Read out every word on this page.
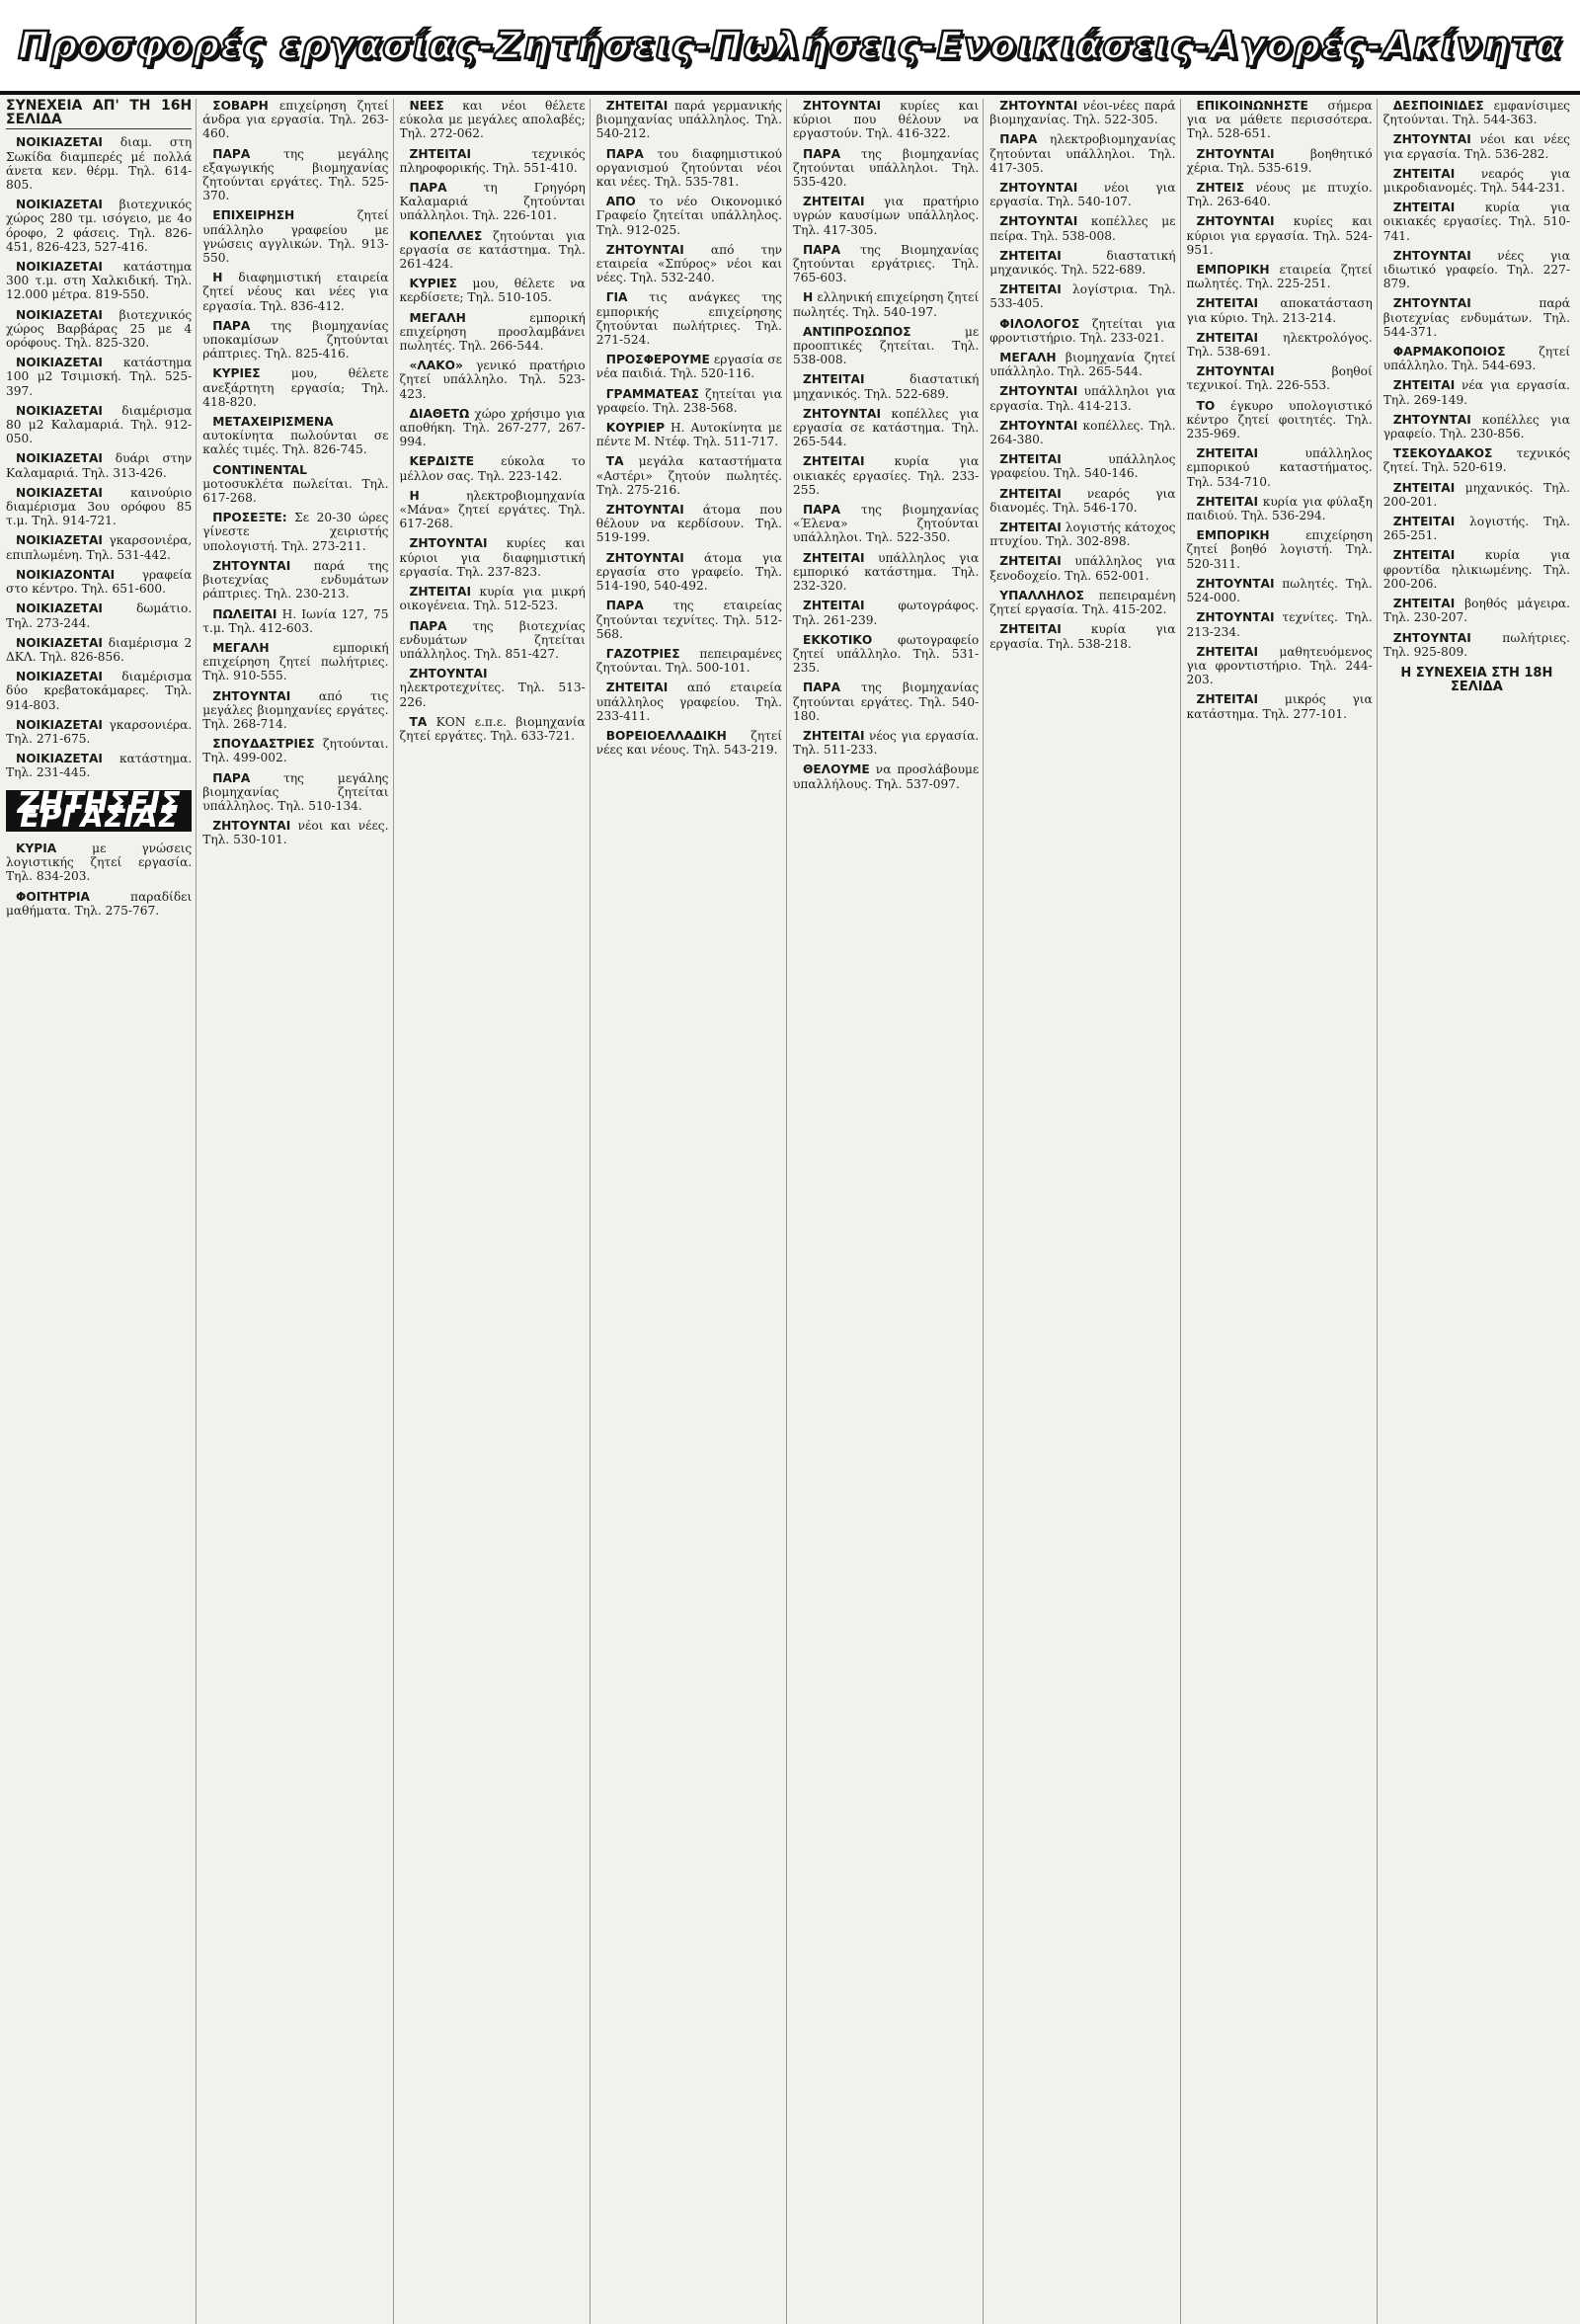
Προσφορές εργασίας-Ζητήσεις-Πωλήσεις-Ενοικιάσεις-Αγορές-Ακίνητα
ΣΥΝΕΧΕΙΑ ΑΠ' ΤΗ 16Η ΣΕΛΙΔΑ

ΝΟΙΚΙΑΖΕΤΑΙ διαμ. στη Σωκίδα διαμπερές μέ πολλά άνετα κεν. θέρμ. Τηλ. 614-805.

ΝΟΙΚΙΑΖΕΤΑΙ βιοτεχνικός χώρος 280 τμ. ισόγειο, με 4ο όροφο, 2 φάσεις. Τηλ. 826-451, 826-423, 527-416.

ΝΟΙΚΙΑΖΕΤΑΙ κατάστημα 300 τ.μ. στη Χαλκιδική. Τηλ. 12.000 μέτρα. 819-550.

ΝΟΙΚΙΑΖΕΤΑΙ βιοτεχνικός χώρος Βαρβάρας 25 με 4 ορόφους. Τηλ. 825-320.

ΝΟΙΚΙΑΖΕΤΑΙ κατάστημα 100 μ2 Τσιμισκή. Τηλ. 525-397.

ΝΟΙΚΙΑΖΕΤΑΙ διαμέρισμα 80 μ2 Καλαμαριά. Τηλ. 912-050.

ΝΟΙΚΙΑΖΕΤΑΙ δυάρι στην Καλαμαριά. Τηλ. 313-426.

ΝΟΙΚΙΑΖΕΤΑΙ καινούριο διαμέρισμα 3ου ορόφου 85 τ.μ. Τηλ. 914-721.

ΝΟΙΚΙΑΖΕΤΑΙ γκαρσονιέρα, επιπλωμένη. Τηλ. 531-442.

ΝΟΙΚΙΑΖΟΝΤΑΙ γραφεία στο κέντρο. Τηλ. 651-600.

ΝΟΙΚΙΑΖΕΤΑΙ δωμάτιο. Τηλ. 273-244.

ΝΟΙΚΙΑΖΕΤΑΙ διαμέρισμα 2 ΔΚΛ. Τηλ. 826-856.

ΝΟΙΚΙΑΖΕΤΑΙ διαμέρισμα δύο κρεβατοκάμαρες. Τηλ. 914-803.

ΝΟΙΚΙΑΖΕΤΑΙ γκαρσονιέρα. Τηλ. 271-675.

ΝΟΙΚΙΑΖΕΤΑΙ κατάστημα. Τηλ. 231-445.

ΖΗΤΗΣΕΙΣ ΕΡΓΑΣΙΑΣ

ΚΥΡΙΑ με γνώσεις λογιστικής ζητεί εργασία. Τηλ. 834-203.

ΦΟΙΤΗΤΡΙΑ παραδίδει μαθήματα. Τηλ. 275-767.

ΣΟΒΑΡΗ επιχείρηση ζητεί άνδρα για εργασία. Τηλ. 263-460.

ΠΑΡΑ της μεγάλης εξαγωγικής βιομηχανίας ζητούνται εργάτες. Τηλ. 525-370.

ΕΠΙΧΕΙΡΗΣΗ ζητεί υπάλληλο γραφείου με γνώσεις αγγλικών. Τηλ. 913-550.

Η διαφημιστική εταιρεία ζητεί νέους και νέες για εργασία. Τηλ. 836-412.

ΠΑΡΑ της βιομηχανίας υποκαμίσων ζητούνται ράπτριες. Τηλ. 825-416.

ΚΥΡΙΕΣ μου, θέλετε ανεξάρτητη εργασία; Τηλ. 418-820.

ΜΕΤΑΧΕΙΡΙΣΜΕΝΑ αυτοκίνητα πωλούνται σε καλές τιμές. Τηλ. 826-745.

CONTINENTAL μοτοσυκλέτα πωλείται. Τηλ. 617-268.

ΠΡΟΣΕΞΤΕ: Σε 20-30 ώρες γίνεστε χειριστής υπολογιστή. Τηλ. 273-211.

ΖΗΤΟΥΝΤΑΙ παρά της βιοτεχνίας ενδυμάτων ράπτριες. Τηλ. 230-213.

ΠΩΛΕΙΤΑΙ Η. Ιωνία 127, 75 τ.μ. Τηλ. 412-603.

ΜΕΓΑΛΗ εμπορική επιχείρηση ζητεί πωλήτριες. Τηλ. 910-555.

ΖΗΤΟΥΝΤΑΙ από τις μεγάλες βιομηχανίες εργάτες. Τηλ. 268-714.

ΣΠΟΥΔΑΣΤΡΙΕΣ ζητούνται. Τηλ. 499-002.

ΠΑΡΑ της μεγάλης βιομηχανίας ζητείται υπάλληλος. Τηλ. 510-134.

ΖΗΤΟΥΝΤΑΙ νέοι και νέες. Τηλ. 530-101.

ΝΕΕΣ και νέοι θέλετε εύκολα με μεγάλες απολαβές; Τηλ. 272-062.

ΖΗΤΕΙΤΑΙ τεχνικός πληροφορικής. Τηλ. 551-410.

ΠΑΡΑ τη Γρηγόρη Καλαμαριά ζητούνται υπάλληλοι. Τηλ. 226-101.

ΚΟΠΕΛΛΕΣ ζητούνται για εργασία σε κατάστημα. Τηλ. 261-424.

ΚΥΡΙΕΣ μου, θέλετε να κερδίσετε; Τηλ. 510-105.

ΜΕΓΑΛΗ εμπορική επιχείρηση προσλαμβάνει πωλητές. Τηλ. 266-544.

«ΛΑΚΟ» γενικό πρατήριο ζητεί υπάλληλο. Τηλ. 523-423.

ΔΙΑΘΕΤΩ χώρο χρήσιμο για αποθήκη. Τηλ. 267-277, 267-994.

ΚΕΡΔΙΣΤΕ εύκολα το μέλλον σας. Τηλ. 223-142.

Η ηλεκτροβιομηχανία «Μάνα» ζητεί εργάτες. Τηλ. 617-268.

ΖΗΤΟΥΝΤΑΙ κυρίες και κύριοι για διαφημιστική εργασία. Τηλ. 237-823.

ΖΗΤΕΙΤΑΙ κυρία για μικρή οικογένεια. Τηλ. 512-523.

ΠΑΡΑ της βιοτεχνίας ενδυμάτων ζητείται υπάλληλος. Τηλ. 851-427.

ΖΗΤΟΥΝΤΑΙ ηλεκτροτεχνίτες. Τηλ. 513-226.

ΤΑ ΚΟΝ ε.π.ε. βιομηχανία ζητεί εργάτες. Τηλ. 633-721.

ΖΗΤΕΙΤΑΙ παρά γερμανικής βιομηχανίας υπάλληλος. Τηλ. 540-212.

ΠΑΡΑ του διαφημιστικού οργανισμού ζητούνται νέοι και νέες. Τηλ. 535-781.

ΑΠΟ το νέο Οικονομικό Γραφείο ζητείται υπάλληλος. Τηλ. 912-025.

ΖΗΤΟΥΝΤΑΙ από την εταιρεία «Σπύρος» νέοι και νέες. Τηλ. 532-240.

ΓΙΑ τις ανάγκες της εμπορικής επιχείρησης ζητούνται πωλήτριες. Τηλ. 271-524.

ΠΡΟΣΦΕΡΟΥΜΕ εργασία σε νέα παιδιά. Τηλ. 520-116.

ΓΡΑΜΜΑΤΕΑΣ ζητείται για γραφείο. Τηλ. 238-568.

ΚΟΥΡΙΕΡ Η. Αυτοκίνητα με πέντε Μ. Ντέφ. Τηλ. 511-717.

ΤΑ μεγάλα καταστήματα «Αστέρι» ζητούν πωλητές. Τηλ. 275-216.

ΖΗΤΟΥΝΤΑΙ άτομα που θέλουν να κερδίσουν. Τηλ. 519-199.

ΖΗΤΟΥΝΤΑΙ άτομα για εργασία στο γραφείο. Τηλ. 514-190, 540-492.

ΠΑΡΑ της εταιρείας ζητούνται τεχνίτες. Τηλ. 512-568.

ΓΑΖΟΤΡΙΕΣ πεπειραμένες ζητούνται. Τηλ. 500-101.

ΖΗΤΕΙΤΑΙ από εταιρεία υπάλληλος γραφείου. Τηλ. 233-411.

ΒΟΡΕΙΟΕΛΛΑΔΙΚΗ ζητεί νέες και νέους. Τηλ. 543-219.

ΖΗΤΟΥΝΤΑΙ κυρίες και κύριοι που θέλουν να εργαστούν. Τηλ. 416-322.

ΠΑΡΑ της βιομηχανίας ζητούνται υπάλληλοι. Τηλ. 535-420.

ΖΗΤΕΙΤΑΙ για πρατήριο υγρών καυσίμων υπάλληλος. Τηλ. 417-305.

ΠΑΡΑ της Βιομηχανίας ζητούνται εργάτριες. Τηλ. 765-603.

Η ελληνική επιχείρηση ζητεί πωλητές. Τηλ. 540-197.

ΑΝΤΙΠΡΟΣΩΠΟΣ με προοπτικές ζητείται. Τηλ. 538-008.

ΖΗΤΕΙΤΑΙ διαστατική μηχανικός. Τηλ. 522-689.

ΖΗΤΟΥΝΤΑΙ κοπέλλες για εργασία σε κατάστημα. Τηλ. 265-544.

ΖΗΤΕΙΤΑΙ κυρία για οικιακές εργασίες. Τηλ. 233-255.

ΠΑΡΑ της βιομηχανίας «Έλενα» ζητούνται υπάλληλοι. Τηλ. 522-350.

ΖΗΤΕΙΤΑΙ υπάλληλος για εμπορικό κατάστημα. Τηλ. 232-320.

ΖΗΤΕΙΤΑΙ φωτογράφος. Τηλ. 261-239.

ΕΚΚΟΤΙΚΟ φωτογραφείο ζητεί υπάλληλο. Τηλ. 531-235.

ΠΑΡΑ της βιομηχανίας ζητούνται εργάτες. Τηλ. 540-180.

ΖΗΤΕΙΤΑΙ νέος για εργασία. Τηλ. 511-233.

ΘΕΛΟΥΜΕ να προσλάβουμε υπαλλήλους. Τηλ. 537-097.

ΖΗΤΟΥΝΤΑΙ νέοι-νέες παρά βιομηχανίας. Τηλ. 522-305.

ΠΑΡΑ ηλεκτροβιομηχανίας ζητούνται υπάλληλοι. Τηλ. 417-305.

ΖΗΤΟΥΝΤΑΙ νέοι για εργασία. Τηλ. 540-107.

ΖΗΤΟΥΝΤΑΙ κοπέλλες με πείρα. Τηλ. 538-008.

ΖΗΤΕΙΤΑΙ διαστατική μηχανικός. Τηλ. 522-689.

ΖΗΤΕΙΤΑΙ λογίστρια. Τηλ. 533-405.

ΦΙΛΟΛΟΓΟΣ ζητείται για φροντιστήριο. Τηλ. 233-021.

ΜΕΓΑΛΗ βιομηχανία ζητεί υπάλληλο. Τηλ. 265-544.

ΖΗΤΟΥΝΤΑΙ υπάλληλοι για εργασία. Τηλ. 414-213.

ΖΗΤΟΥΝΤΑΙ κοπέλλες. Τηλ. 264-380.

ΖΗΤΕΙΤΑΙ υπάλληλος γραφείου. Τηλ. 540-146.

ΖΗΤΕΙΤΑΙ νεαρός για διανομές. Τηλ. 546-170.

ΖΗΤΕΙΤΑΙ λογιστής κάτοχος πτυχίου. Τηλ. 302-898.

ΖΗΤΕΙΤΑΙ υπάλληλος για ξενοδοχείο. Τηλ. 652-001.

ΥΠΑΛΛΗΛΟΣ πεπειραμένη ζητεί εργασία. Τηλ. 415-202.

ΖΗΤΕΙΤΑΙ κυρία για εργασία. Τηλ. 538-218.

ΕΠΙΚΟΙΝΩΝΗΣΤΕ σήμερα για να μάθετε περισσότερα. Τηλ. 528-651.

ΖΗΤΟΥΝΤΑΙ βοηθητικό χέρια. Τηλ. 535-619.

ΖΗΤΕΙΣ νέους με πτυχίο. Τηλ. 263-640.

ΖΗΤΟΥΝΤΑΙ κυρίες και κύριοι για εργασία. Τηλ. 524-951.

ΕΜΠΟΡΙΚΗ εταιρεία ζητεί πωλητές. Τηλ. 225-251.

ΖΗΤΕΙΤΑΙ αποκατάσταση για κύριο. Τηλ. 213-214.

ΖΗΤΕΙΤΑΙ ηλεκτρολόγος. Τηλ. 538-691.

ΖΗΤΟΥΝΤΑΙ βοηθοί τεχνικοί. Τηλ. 226-553.

ΤΟ έγκυρο υπολογιστικό κέντρο ζητεί φοιτητές. Τηλ. 235-969.

ΖΗΤΕΙΤΑΙ υπάλληλος εμπορικού καταστήματος. Τηλ. 534-710.

ΖΗΤΕΙΤΑΙ κυρία για φύλαξη παιδιού. Τηλ. 536-294.

ΕΜΠΟΡΙΚΗ επιχείρηση ζητεί βοηθό λογιστή. Τηλ. 520-311.

ΖΗΤΟΥΝΤΑΙ πωλητές. Τηλ. 524-000.

ΖΗΤΟΥΝΤΑΙ τεχνίτες. Τηλ. 213-234.

ΖΗΤΕΙΤΑΙ μαθητευόμενος για φροντιστήριο. Τηλ. 244-203.

ΖΗΤΕΙΤΑΙ μικρός για κατάστημα. Τηλ. 277-101.

ΔΕΣΠΟΙΝΙΔΕΣ εμφανίσιμες ζητούνται. Τηλ. 544-363.

ΖΗΤΟΥΝΤΑΙ νέοι και νέες για εργασία. Τηλ. 536-282.

ΖΗΤΕΙΤΑΙ νεαρός για μικροδιανομές. Τηλ. 544-231.

ΖΗΤΕΙΤΑΙ κυρία για οικιακές εργασίες. Τηλ. 510-741.

ΖΗΤΟΥΝΤΑΙ νέες για ιδιωτικό γραφείο. Τηλ. 227-879.

ΖΗΤΟΥΝΤΑΙ παρά βιοτεχνίας ενδυμάτων. Τηλ. 544-371.

ΦΑΡΜΑΚΟΠΟΙΟΣ ζητεί υπάλληλο. Τηλ. 544-693.

ΖΗΤΕΙΤΑΙ νέα για εργασία. Τηλ. 269-149.

ΖΗΤΟΥΝΤΑΙ κοπέλλες για γραφείο. Τηλ. 230-856.

ΤΣΕΚΟΥΔΑΚΟΣ τεχνικός ζητεί. Τηλ. 520-619.

ΖΗΤΕΙΤΑΙ μηχανικός. Τηλ. 200-201.

ΖΗΤΕΙΤΑΙ λογιστής. Τηλ. 265-251.

ΖΗΤΕΙΤΑΙ κυρία για φροντίδα ηλικιωμένης. Τηλ. 200-206.

ΖΗΤΕΙΤΑΙ βοηθός μάγειρα. Τηλ. 230-207.

ΖΗΤΟΥΝΤΑΙ πωλήτριες. Τηλ. 925-809.

Η ΣΥΝΕΧΕΙΑ ΣΤΗ 18Η ΣΕΛΙΔΑ
